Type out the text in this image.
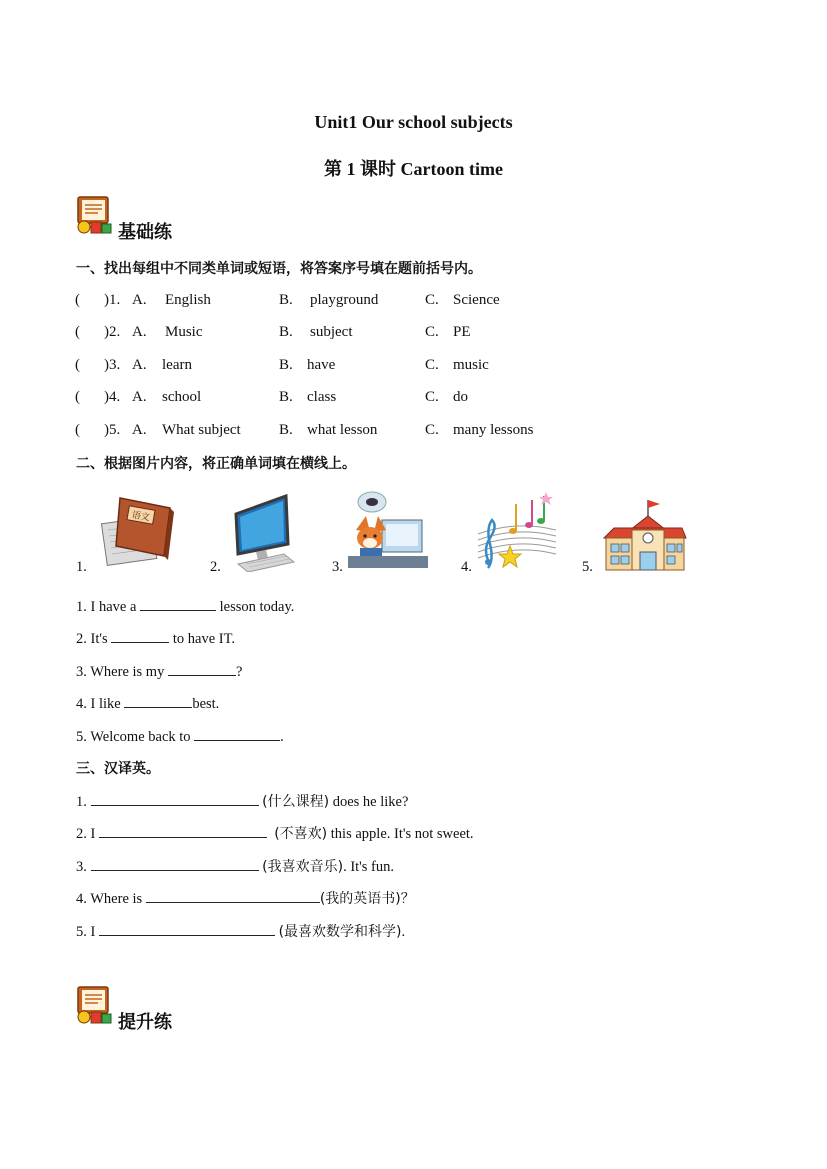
Unit1 Our school subjects
第 1 课时 Cartoon time
基础练
一、找出每组中不同类单词或短语，将答案序号填在题前括号内。
( )1. A. English	B. playground	C. Science
( )2. A. Music	B. subject	C. PE
( )3. A. learn	B. have	C. music
( )4. A. school	B. class	C. do
( )5. A. What subject	B. what lesson	C. many lessons
二、根据图片内容，将正确单词填在横线上。
1.
语文
2.	3.	4.	5.
1. I have a	lesson today.
2. It's	to have IT.
3. Where is my	?
4. I like	best.
5. Welcome back to	.
三、汉译英。
1.	(什么课程) does he like?
2. I	(不喜欢) this apple. It's not sweet.
3.	(我喜欢音乐). It's fun.
4. Where is	(我的英语书)？
5. I	(最喜欢数学和科学).
提升练
